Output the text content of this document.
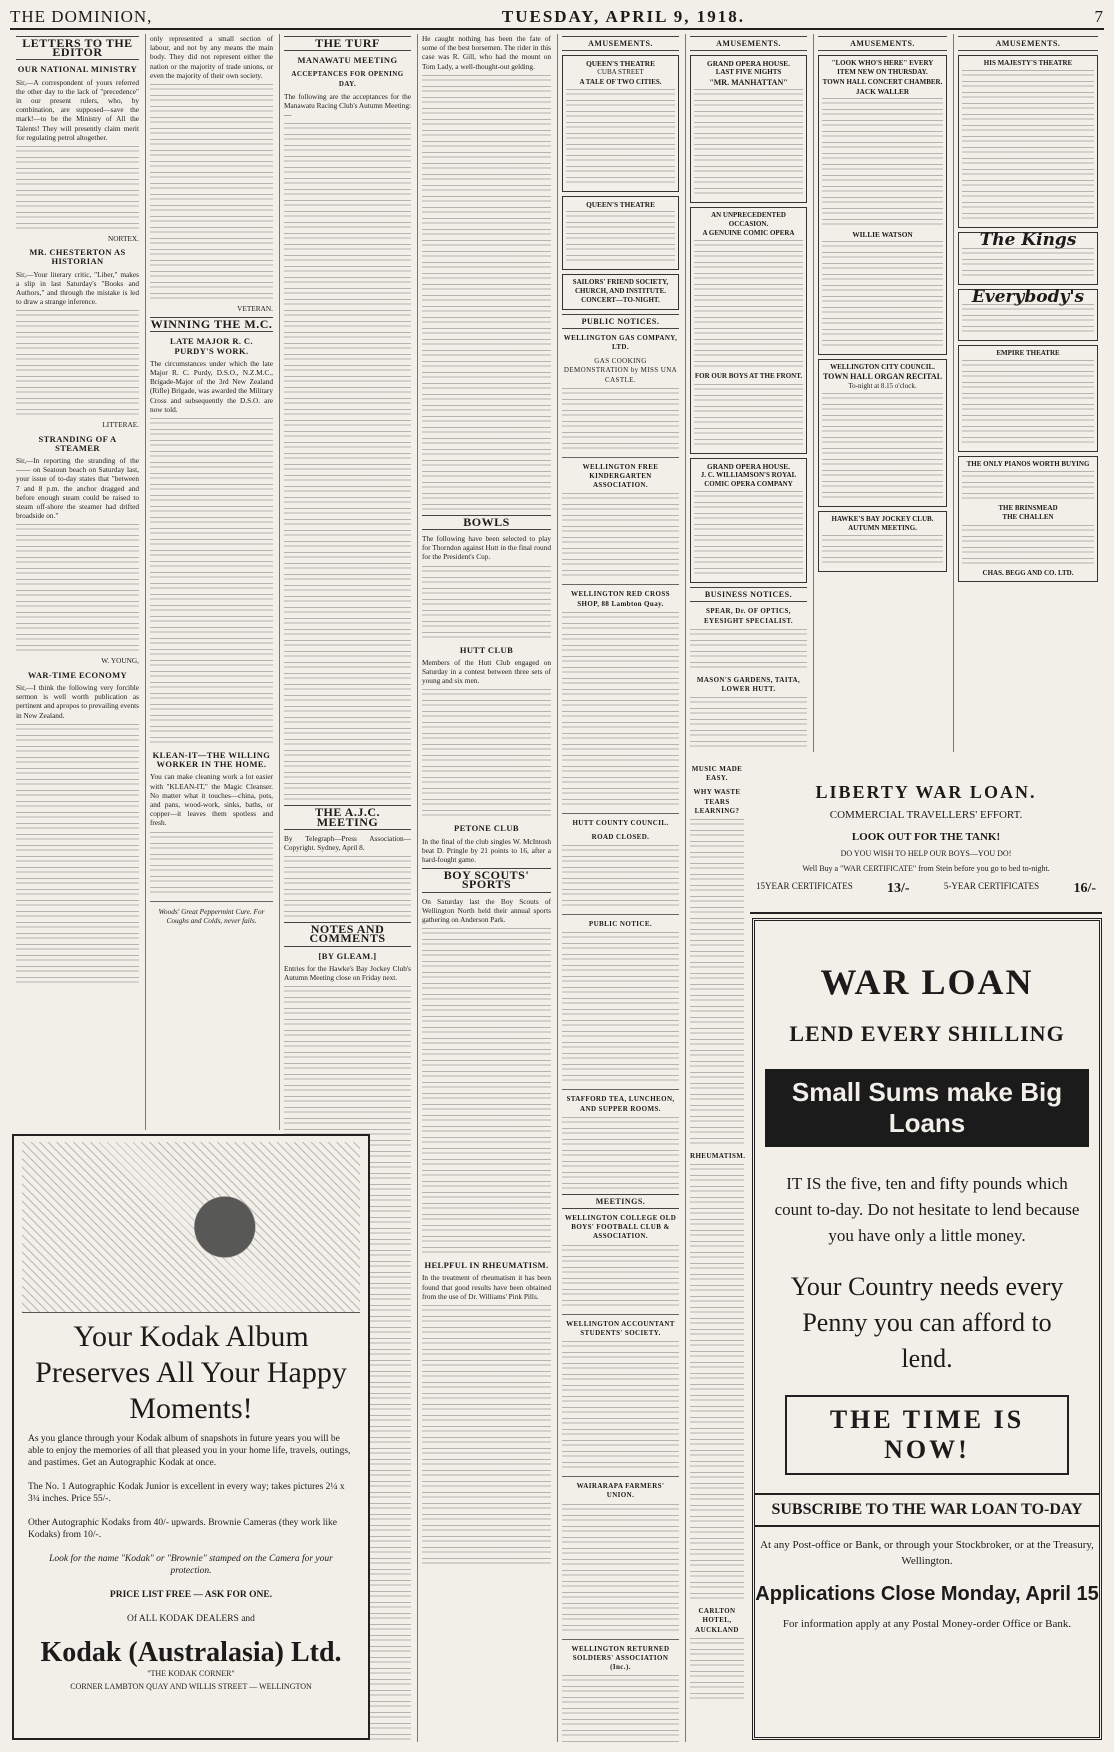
THE DOMINION,	TUESDAY, APRIL 9, 1918.	7
LETTERS TO THE EDITOR
OUR NATIONAL MINISTRY

Sir,—A correspondent of yours referred the other day to the lack of "precedence" in our present rulers, who, by combination, are supposed—save the mark!—to be the Ministry of All the Talents! They will presently claim merit for regulating petrol altogether.

NORTEX.
MR. CHESTERTON AS HISTORIAN

Sir,—Your literary critic, "Liber," makes a slip in last Saturday's "Books and Authors," and through the mistake is led to draw a strange inference.

LITTERAE.
STRANDING OF A STEAMER

Sir,—In reporting the stranding of the —— on Seatoun beach on Saturday last, your issue of to-day states that "between 7 and 8 p.m. the anchor dragged and before enough steam could be raised to steam off-shore the steamer had drifted broadside on."

W. YOUNG,
WAR-TIME ECONOMY

Sir,—I think the following very forcible sermon is well worth publication as pertinent and apropos to prevailing events in New Zealand.

only represented a small section of labour, and not by any means the main body. They did not represent either the nation or the majority of trade unions, or even the majority of their own society.

VETERAN.
WINNING THE M.C.
LATE MAJOR R. C. PURDY'S WORK.

The circumstances under which the late Major R. C. Purdy, D.S.O., N.Z.M.C., Brigade-Major of the 3rd New Zealand (Rifle) Brigade, was awarded the Military Cross and subsequently the D.S.O. are now told.

KLEAN-IT—THE WILLING WORKER IN THE HOME.

You can make cleaning work a lot easier with "KLEAN-IT," the Magic Cleanser. No matter what it touches—china, pots, and pans, wood-work, sinks, baths, or copper—it leaves them spotless and fresh.

Woods' Great Peppermint Cure. For Coughs and Colds, never fails.

THE TURF
MANAWATU MEETING
ACCEPTANCES FOR OPENING DAY.

The following are the acceptances for the Manawatu Racing Club's Autumn Meeting:—

THE A.J.C. MEETING

By Telegraph—Press Association—Copyright. Sydney, April 8.

NOTES AND COMMENTS
[BY GLEAM.]

Entries for the Hawke's Bay Jockey Club's Autumn Meeting close on Friday next.

He caught nothing has been the fate of some of the best horsemen. The rider in this case was R. Gill, who had the mount on Tom Lady, a well-thought-out gelding.

BOWLS

The following have been selected to play for Thorndon against Hutt in the final round for the President's Cup.

HUTT CLUB

Members of the Hutt Club engaged on Saturday in a contest between three sets of young and six men.

PETONE CLUB

In the final of the club singles W. McIntosh beat D. Pringle by 21 points to 16, after a hard-fought game.

BOY SCOUTS' SPORTS

On Saturday last the Boy Scouts of Wellington North held their annual sports gathering on Anderson Park.

HELPFUL IN RHEUMATISM.

In the treatment of rheumatism it has been found that good results have been obtained from the use of Dr. Williams' Pink Pills.

AMUSEMENTS.
QUEEN'S THEATRE
CUBA STREET
A TALE OF TWO CITIES.
QUEEN'S THEATRE
SAILORS' FRIEND SOCIETY, CHURCH, AND INSTITUTE.
CONCERT—TO-NIGHT.
PUBLIC NOTICES.
WELLINGTON GAS COMPANY, LTD.
GAS COOKING DEMONSTRATION by MISS UNA CASTLE.
WELLINGTON FREE KINDERGARTEN ASSOCIATION.
WELLINGTON RED CROSS SHOP, 88 Lambton Quay.
HUTT COUNTY COUNCIL.
ROAD CLOSED.
PUBLIC NOTICE.
STAFFORD TEA, LUNCHEON, AND SUPPER ROOMS.
MEETINGS.
WELLINGTON COLLEGE OLD BOYS' FOOTBALL CLUB & ASSOCIATION.
WELLINGTON ACCOUNTANT STUDENTS' SOCIETY.
WAIRARAPA FARMERS' UNION.
WELLINGTON RETURNED SOLDIERS' ASSOCIATION (Inc.).
AMUSEMENTS.
GRAND OPERA HOUSE.
LAST FIVE NIGHTS
"MR. MANHATTAN"
AN UNPRECEDENTED OCCASION.
A GENUINE COMIC OPERA
FOR OUR BOYS AT THE FRONT.
GRAND OPERA HOUSE.
J. C. WILLIAMSON'S ROYAL COMIC OPERA COMPANY
BUSINESS NOTICES.
SPEAR, Dr. OF OPTICS, EYESIGHT SPECIALIST.
MASON'S GARDENS, TAITA, LOWER HUTT.
MUSIC MADE EASY.
WHY WASTE TEARS LEARNING?
RHEUMATISM.
CARLTON HOTEL, AUCKLAND
AMUSEMENTS.
"LOOK WHO'S HERE" EVERY ITEM NEW ON THURSDAY.
TOWN HALL CONCERT CHAMBER.
JACK WALLER
WILLIE WATSON
WELLINGTON CITY COUNCIL.
TOWN HALL ORGAN RECITAL
To-night at 8.15 o'clock.
HAWKE'S BAY JOCKEY CLUB.
AUTUMN MEETING.
AMUSEMENTS.
HIS MAJESTY'S THEATRE
The Kings
Everybody's
EMPIRE THEATRE
THE ONLY PIANOS WORTH BUYING
THE BRINSMEAD
THE CHALLEN
CHAS. BEGG AND CO. LTD.
LIBERTY WAR LOAN.
COMMERCIAL TRAVELLERS' EFFORT.
LOOK OUT FOR THE TANK!
DO YOU WISH TO HELP OUR BOYS—YOU DO!
Well Buy a "WAR CERTIFICATE" from Stein before you go to bed to-night.
15YEAR CERTIFICATES 13/-	5-YEAR CERTIFICATES 16/-
WAR LOAN
LEND EVERY SHILLING
Small Sums make Big Loans
IT IS the five, ten and fifty pounds which count to-day. Do not hesitate to lend because you have only a little money.
Your Country needs every Penny you can afford to lend.
THE TIME IS NOW!
SUBSCRIBE TO THE WAR LOAN TO-DAY
At any Post-office or Bank, or through your Stockbroker, or at the Treasury, Wellington.
Applications Close Monday, April 15
For information apply at any Postal Money-order Office or Bank.
Your Kodak Album Preserves All Your Happy Moments!
As you glance through your Kodak album of snapshots in future years you will be able to enjoy the memories of all that pleased you in your home life, travels, outings, and pastimes. Get an Autographic Kodak at once.
The No. 1 Autographic Kodak Junior is excellent in every way; takes pictures 2¼ x 3¼ inches. Price 55/-.
Other Autographic Kodaks from 40/- upwards. Brownie Cameras (they work like Kodaks) from 10/-.
Look for the name "Kodak" or "Brownie" stamped on the Camera for your protection.
PRICE LIST FREE — ASK FOR ONE.
Of ALL KODAK DEALERS and
Kodak (Australasia) Ltd.
"THE KODAK CORNER"
CORNER LAMBTON QUAY AND WILLIS STREET — WELLINGTON
